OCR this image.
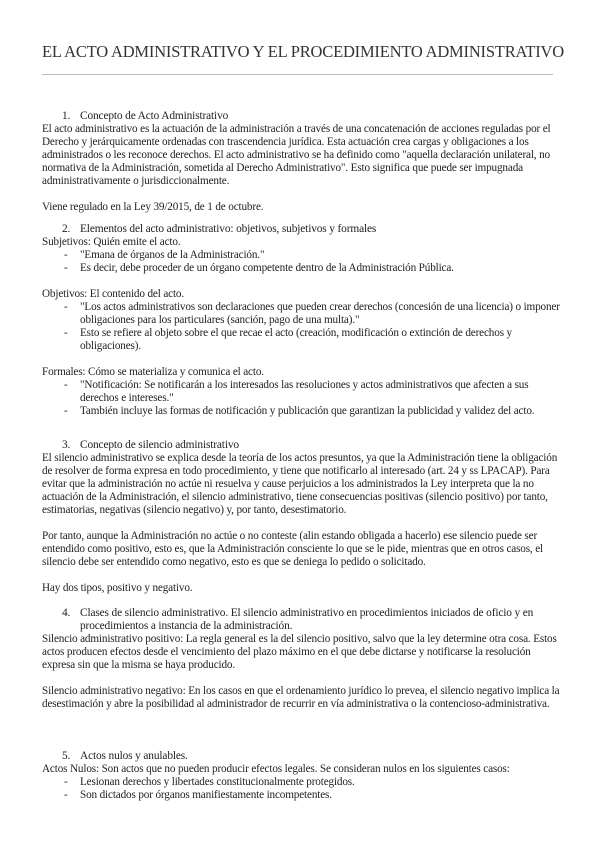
EL ACTO ADMINISTRATIVO Y EL PROCEDIMIENTO ADMINISTRATIVO
1. Concepto de Acto Administrativo

El acto administrativo es la actuación de la administración a través de una concatenación de acciones reguladas por el Derecho y jerárquicamente ordenadas con trascendencia jurídica. Esta actuación crea cargas y obligaciones a los administrados o les reconoce derechos. El acto administrativo se ha definido como "aquella declaración unilateral, no normativa de la Administración, sometida al Derecho Administrativo". Esto significa que puede ser impugnada administrativamente o jurisdiccionalmente.

Viene regulado en la Ley 39/2015, de 1 de octubre.

2. Elementos del acto administrativo: objetivos, subjetivos y formales

Subjetivos: Quién emite el acto.

- "Emana de órganos de la Administración."
- Es decir, debe proceder de un órgano competente dentro de la Administración Pública.

Objetivos: El contenido del acto.

- "Los actos administrativos son declaraciones que pueden crear derechos (concesión de una licencia) o imponer obligaciones para los particulares (sanción, pago de una multa)."
- Esto se refiere al objeto sobre el que recae el acto (creación, modificación o extinción de derechos y obligaciones).

Formales: Cómo se materializa y comunica el acto.

- "Notificación: Se notificarán a los interesados las resoluciones y actos administrativos que afecten a sus derechos e intereses."
- También incluye las formas de notificación y publicación que garantizan la publicidad y validez del acto.
3. Concepto de silencio administrativo

El silencio administrativo se explica desde la teoría de los actos presuntos, ya que la Administración tiene la obligación de resolver de forma expresa en todo procedimiento, y tiene que notificarlo al interesado (art. 24 y ss LPACAP). Para evitar que la administración no actúe ni resuelva y cause perjuicios a los administrados la Ley interpreta que la no actuación de la Administración, el silencio administrativo, tiene consecuencias positivas (silencio positivo) por tanto, estimatorias, negativas (silencio negativo) y, por tanto, desestimatorio.

Por tanto, aunque la Administración no actúe o no conteste (alin estando obligada a hacerlo) ese silencio puede ser entendido como positivo, esto es, que la Administración consciente lo que se le pide, mientras que en otros casos, el silencio debe ser entendido como negativo, esto es que se deniega lo pedido o solicitado.

Hay dos tipos, positivo y negativo.

4. Clases de silencio administrativo. El silencio administrativo en procedimientos iniciados de oficio y en procedimientos a instancia de la administración.

Silencio administrativo positivo: La regla general es la del silencio positivo, salvo que la ley determine otra cosa. Estos actos producen efectos desde el vencimiento del plazo máximo en el que debe dictarse y notificarse la resolución expresa sin que la misma se haya producido.

Silencio administrativo negativo: En los casos en que el ordenamiento jurídico lo prevea, el silencio negativo implica la desestimación y abre la posibilidad al administrador de recurrir en vía administrativa o la contencioso-administrativa.

5. Actos nulos y anulables.

Actos Nulos: Son actos que no pueden producir efectos legales. Se consideran nulos en los siguientes casos:

- Lesionan derechos y libertades constitucionalmente protegidos.
- Son dictados por órganos manifiestamente incompetentes.
